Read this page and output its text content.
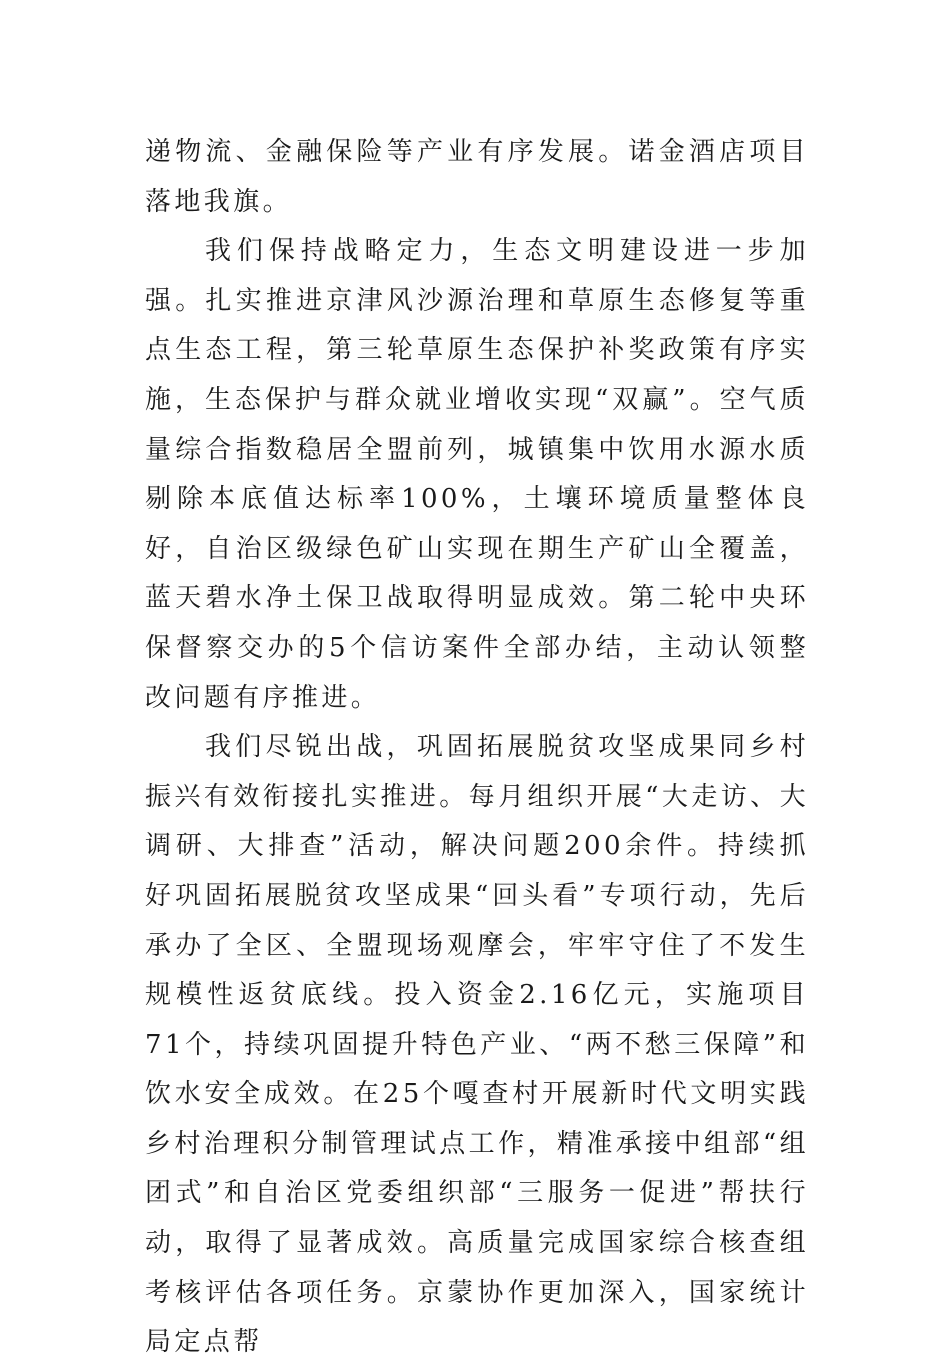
递物流、金融保险等产业有序发展。诺金酒店项目落地我旗。

我们保持战略定力，生态文明建设进一步加强。扎实推进京津风沙源治理和草原生态修复等重点生态工程，第三轮草原生态保护补奖政策有序实施，生态保护与群众就业增收实现“双赢”。空气质量综合指数稳居全盟前列，城镇集中饮用水源水质剔除本底值达标率100%，土壤环境质量整体良好，自治区级绿色矿山实现在期生产矿山全覆盖，蓝天碧水净土保卫战取得明显成效。第二轮中央环保督察交办的5个信访案件全部办结，主动认领整改问题有序推进。

我们尽锐出战，巩固拓展脱贫攻坚成果同乡村振兴有效衔接扎实推进。每月组织开展“大走访、大调研、大排查”活动，解决问题200余件。持续抓好巩固拓展脱贫攻坚成果“回头看”专项行动，先后承办了全区、全盟现场观摩会，牢牢守住了不发生规模性返贫底线。投入资金2.16亿元，实施项目71个，持续巩固提升特色产业、“两不愁三保障”和饮水安全成效。在25个嘎查村开展新时代文明实践乡村治理积分制管理试点工作，精准承接中组部“组团式”和自治区党委组织部“三服务一促进”帮扶行动，取得了显著成效。高质量完成国家综合核查组考核评估各项任务。京蒙协作更加深入，国家统计局定点帮
